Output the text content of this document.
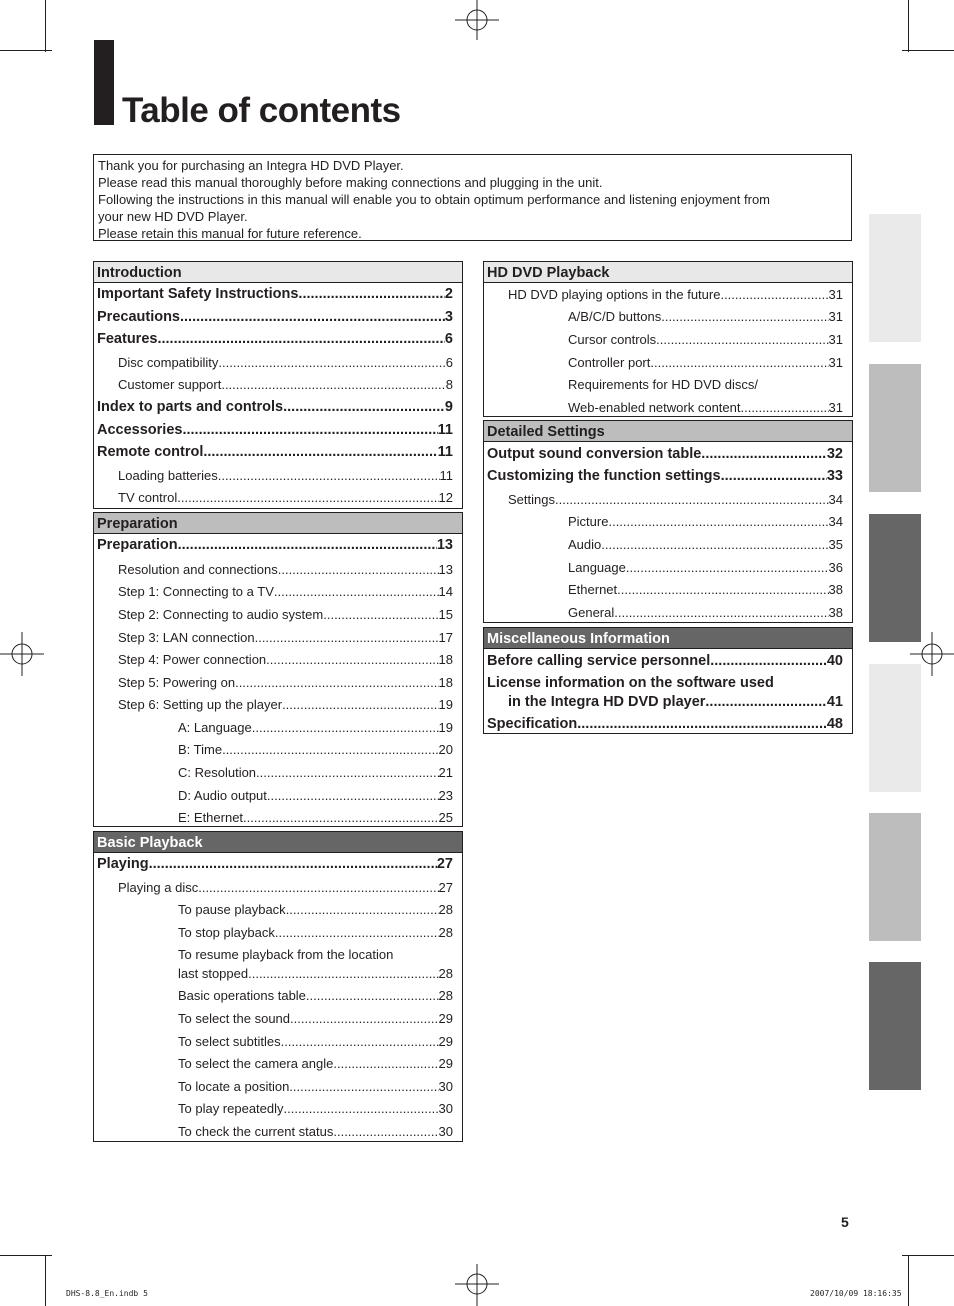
Table of contents
Thank you for purchasing an Integra HD DVD Player.
Please read this manual thoroughly before making connections and plugging in the unit.
Following the instructions in this manual will enable you to obtain optimum performance and listening enjoyment from
your new HD DVD Player.
Please retain this manual for future reference.
Introduction
Important Safety Instructions .....	2
Precautions .....	3
Features .....	6
Disc compatibility .....	6
Customer support .....	8
Index to parts and controls .....	9
Accessories .....	11
Remote control .....	11
Loading batteries .....	11
TV control .....	12
Preparation
Preparation .....	13
Resolution and connections .....	13
Step 1: Connecting to a TV .....	14
Step 2: Connecting to audio system .....	15
Step 3: LAN connection .....	17
Step 4: Power connection .....	18
Step 5: Powering on .....	18
Step 6: Setting up the player .....	19
A: Language .....	19
B: Time .....	20
C: Resolution .....	21
D: Audio output .....	23
E: Ethernet .....	25
Basic Playback
Playing .....	27
Playing a disc .....	27
To pause playback .....	28
To stop playback .....	28
To resume playback from the location
last stopped .....	28
Basic operations table .....	28
To select the sound .....	29
To select subtitles .....	29
To select the camera angle .....	29
To locate a position .....	30
To play repeatedly .....	30
To check the current status .....	30
HD DVD Playback
HD DVD playing options in the future .....	31
A/B/C/D buttons .....	31
Cursor controls .....	31
Controller port .....	31
Requirements for HD DVD discs/
Web-enabled network content .....	31
Detailed Settings
Output sound conversion table .....	32
Customizing the function settings .....	33
Settings .....	34
Picture .....	34
Audio .....	35
Language .....	36
Ethernet .....	38
General .....	38
Miscellaneous Information
Before calling service personnel .....	40
License information on the software used
in the Integra HD DVD player .....	41
Specification .....	48
5
DHS-8.8_En.indb 5	2007/10/09 18:16:35
